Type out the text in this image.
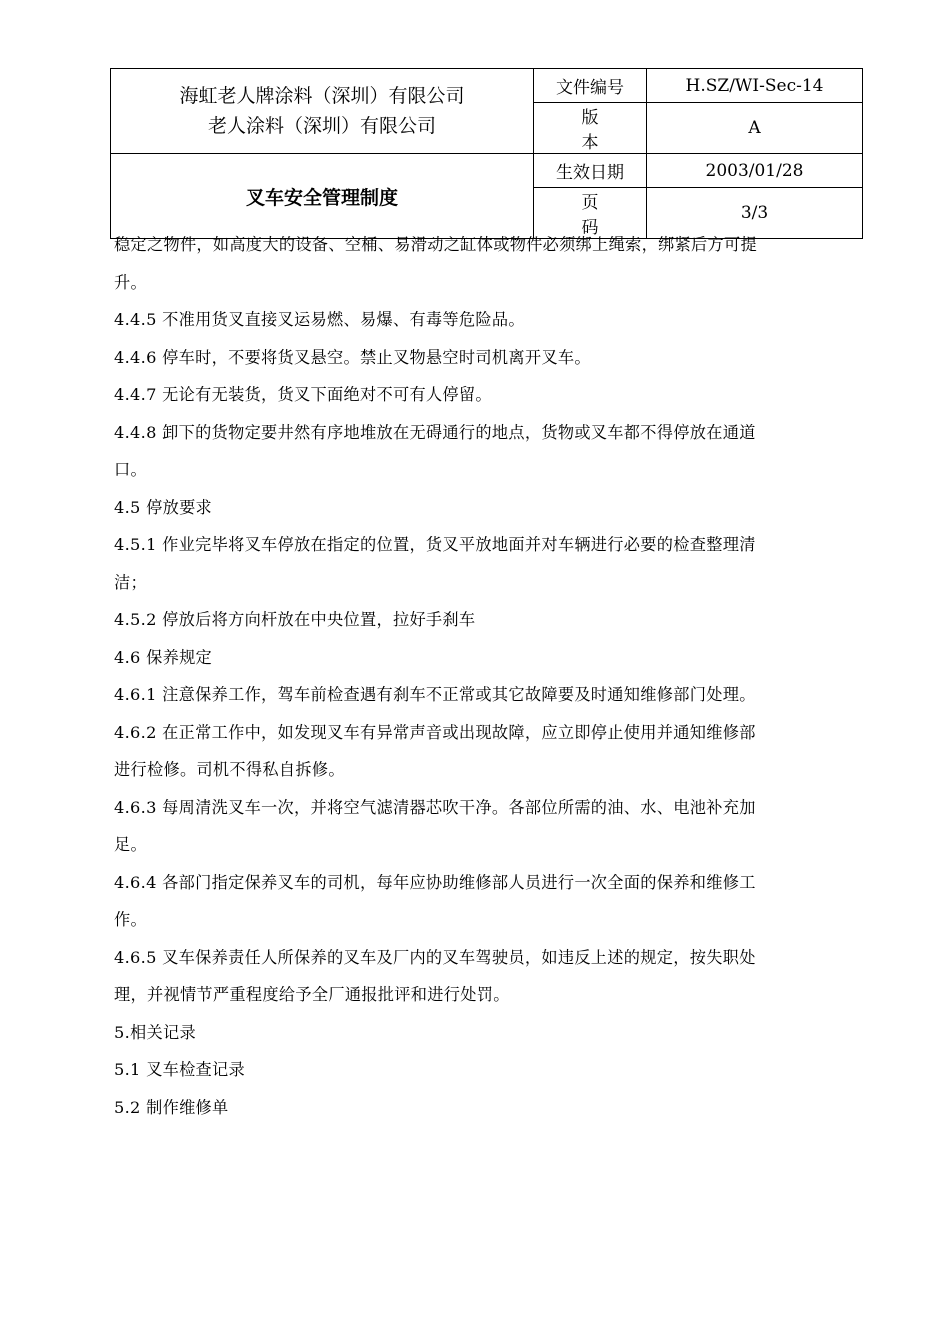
海虹老人牌涂料（深圳）有限公司
老人涂料（深圳）有限公司	文件编号	H.SZ/WI-Sec-14
	版本	A
叉车安全管理制度	生效日期	2003/01/28
	页码	3/3

稳定之物件，如高度大的设备、空桶、易滑动之缸体或物件必须绑上绳索，绑紧后方可提

升。

4.4.5 不准用货叉直接叉运易燃、易爆、有毒等危险品。

4.4.6 停车时，不要将货叉悬空。禁止叉物悬空时司机离开叉车。

4.4.7 无论有无装货，货叉下面绝对不可有人停留。

4.4.8 卸下的货物定要井然有序地堆放在无碍通行的地点，货物或叉车都不得停放在通道

口。

4.5 停放要求

4.5.1 作业完毕将叉车停放在指定的位置，货叉平放地面并对车辆进行必要的检查整理清

洁；

4.5.2 停放后将方向杆放在中央位置，拉好手刹车

4.6 保养规定

4.6.1 注意保养工作，驾车前检查遇有刹车不正常或其它故障要及时通知维修部门处理。

4.6.2 在正常工作中，如发现叉车有异常声音或出现故障，应立即停止使用并通知维修部

进行检修。司机不得私自拆修。

4.6.3 每周清洗叉车一次，并将空气滤清器芯吹干净。各部位所需的油、水、电池补充加

足。

4.6.4 各部门指定保养叉车的司机，每年应协助维修部人员进行一次全面的保养和维修工

作。

4.6.5 叉车保养责任人所保养的叉车及厂内的叉车驾驶员，如违反上述的规定，按失职处

理，并视情节严重程度给予全厂通报批评和进行处罚。

5.相关记录

5.1 叉车检查记录

5.2 制作维修单
